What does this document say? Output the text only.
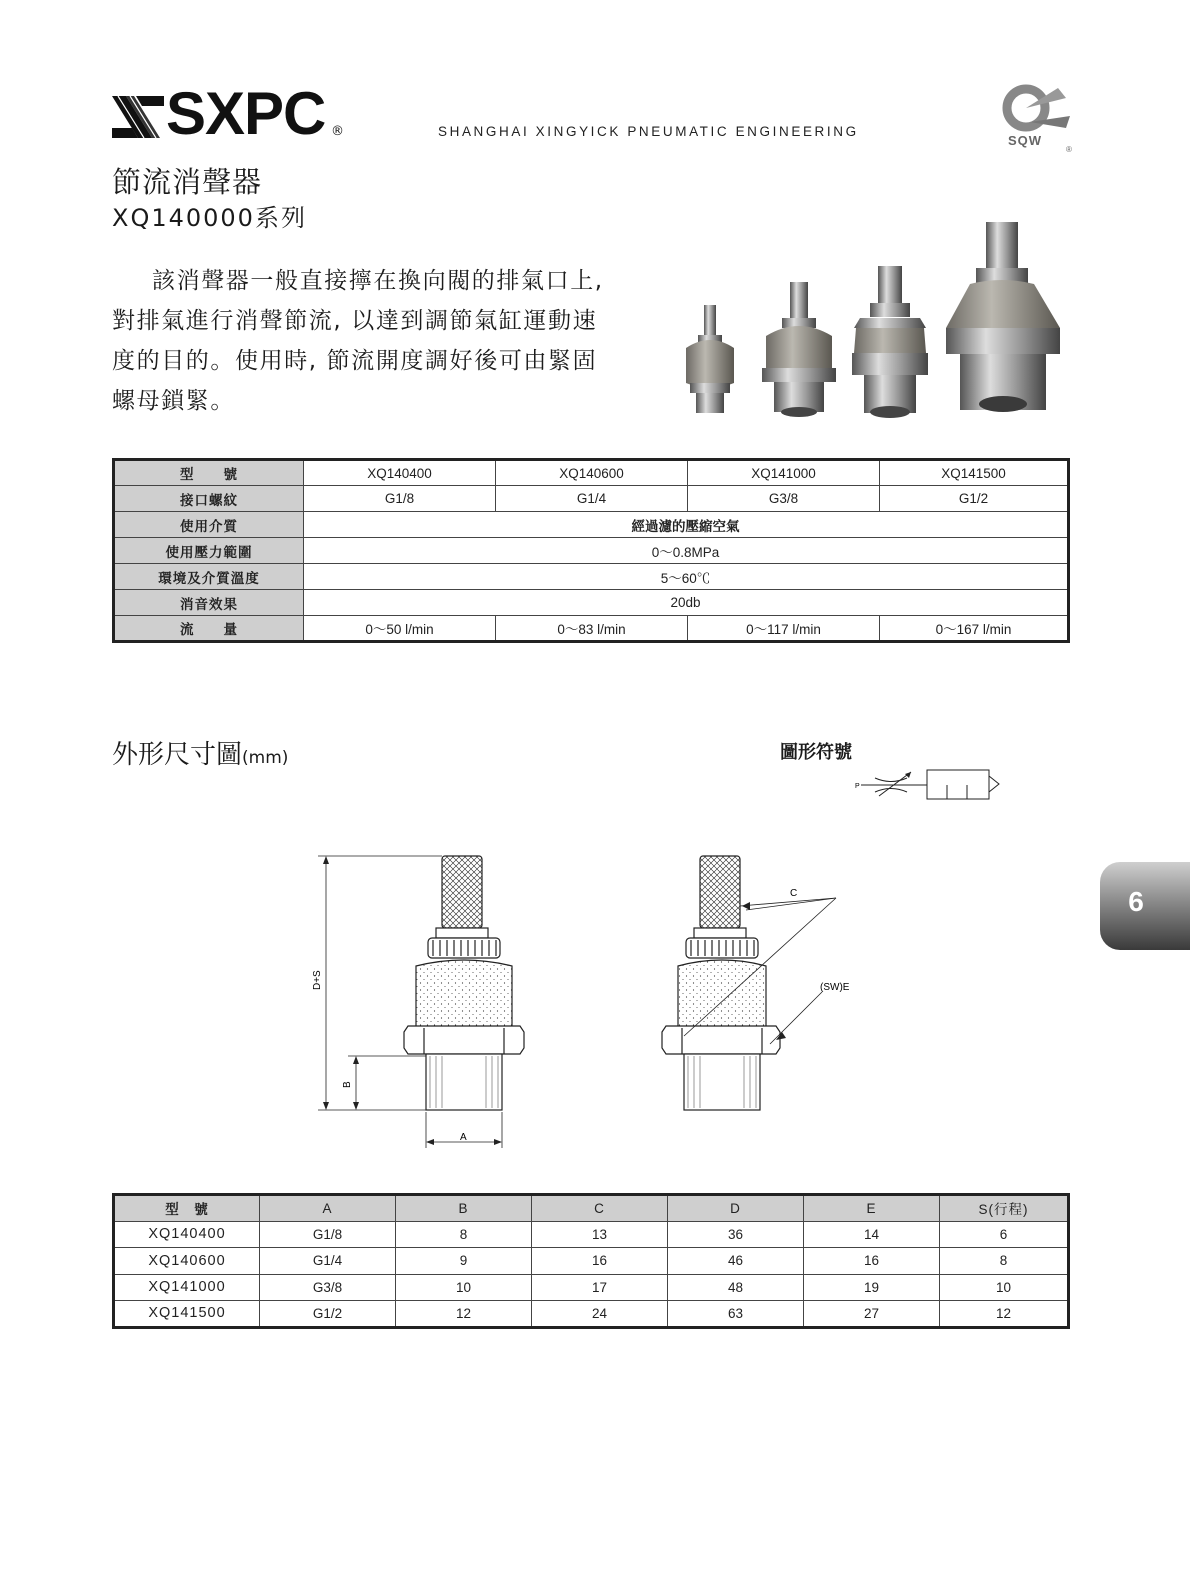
SXPC ®	SHANGHAI XINGYICK PNEUMATIC ENGINEERING
SQW
®
節流消聲器
XQ140000系列
該消聲器一般直接擰在換向閥的排氣口上,
對排氣進行消聲節流, 以達到調節氣缸運動速
度的目的。使用時, 節流開度調好後可由緊固
螺母鎖緊。
型　　號	XQ140400	XQ140600	XQ141000	XQ141500
接口螺紋	G1/8	G1/4	G3/8	G1/2
使用介質	經過濾的壓縮空氣			
使用壓力範圍	0～0.8MPa			
環境及介質溫度	5～60℃			
消音效果	20db			
流　　量	0～50 l/min	0～83 l/min	0～117 l/min	0～167 l/min
外形尺寸圖(mm)	圖形符號
P
D+S
B
A
C
(SW)E
型　號	A	B	C	D	E	S(行程)
XQ140400	G1/8	8	13	36	14	6
XQ140600	G1/4	9	16	46	16	8
XQ141000	G3/8	10	17	48	19	10
XQ141500	G1/2	12	24	63	27	12
6
